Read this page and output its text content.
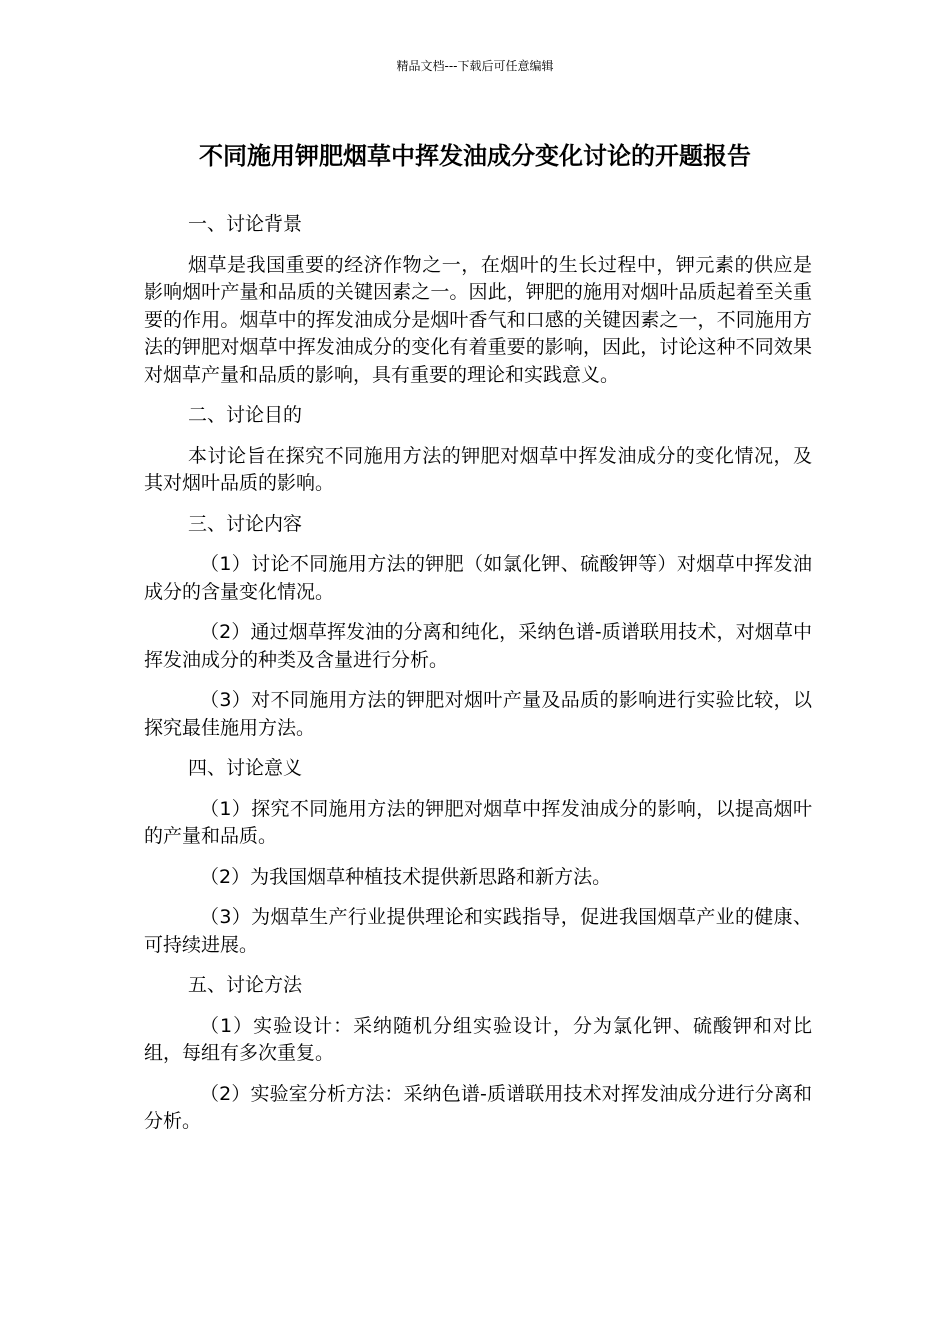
精品文档---下载后可任意编辑
不同施用钾肥烟草中挥发油成分变化讨论的开题报告

一、讨论背景

烟草是我国重要的经济作物之一，在烟叶的生长过程中，钾元素的供应是影响烟叶产量和品质的关键因素之一。因此，钾肥的施用对烟叶品质起着至关重要的作用。烟草中的挥发油成分是烟叶香气和口感的关键因素之一，不同施用方法的钾肥对烟草中挥发油成分的变化有着重要的影响，因此，讨论这种不同效果对烟草产量和品质的影响，具有重要的理论和实践意义。

二、讨论目的

本讨论旨在探究不同施用方法的钾肥对烟草中挥发油成分的变化情况，及其对烟叶品质的影响。

三、讨论内容

（1）讨论不同施用方法的钾肥（如氯化钾、硫酸钾等）对烟草中挥发油成分的含量变化情况。

（2）通过烟草挥发油的分离和纯化，采纳色谱-质谱联用技术，对烟草中挥发油成分的种类及含量进行分析。

（3）对不同施用方法的钾肥对烟叶产量及品质的影响进行实验比较，以探究最佳施用方法。

四、讨论意义

（1）探究不同施用方法的钾肥对烟草中挥发油成分的影响，以提高烟叶的产量和品质。

（2）为我国烟草种植技术提供新思路和新方法。

（3）为烟草生产行业提供理论和实践指导，促进我国烟草产业的健康、可持续进展。

五、讨论方法

（1）实验设计：采纳随机分组实验设计，分为氯化钾、硫酸钾和对比组，每组有多次重复。

（2）实验室分析方法：采纳色谱-质谱联用技术对挥发油成分进行分离和分析。
